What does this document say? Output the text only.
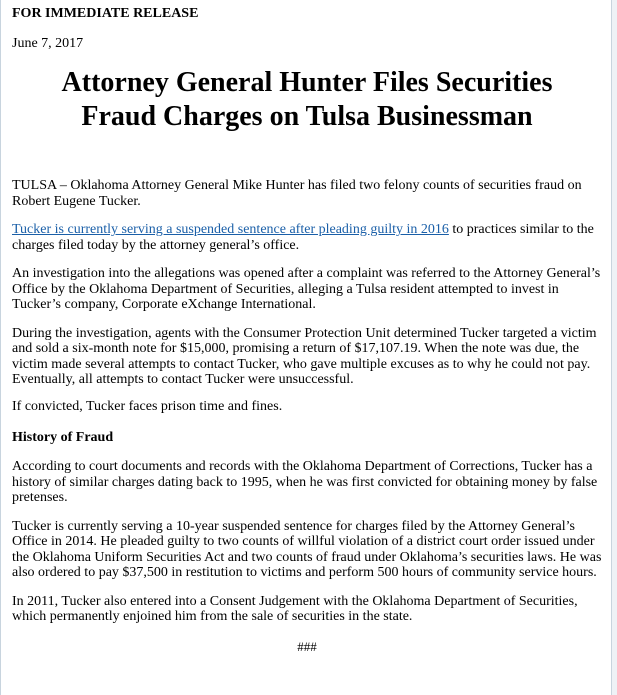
FOR IMMEDIATE RELEASE
June 7, 2017
Attorney General Hunter Files Securities
Fraud Charges on Tulsa Businessman

TULSA – Oklahoma Attorney General Mike Hunter has filed two felony counts of securities fraud on Robert Eugene Tucker.

Tucker is currently serving a suspended sentence after pleading guilty in 2016 to practices similar to the charges filed today by the attorney general’s office.

An investigation into the allegations was opened after a complaint was referred to the Attorney General’s Office by the Oklahoma Department of Securities, alleging a Tulsa resident attempted to invest in Tucker’s company, Corporate eXchange International.

During the investigation, agents with the Consumer Protection Unit determined Tucker targeted a victim and sold a six-month note for $15,000, promising a return of $17,107.19. When the note was due, the victim made several attempts to contact Tucker, who gave multiple excuses as to why he could not pay. Eventually, all attempts to contact Tucker were unsuccessful.

If convicted, Tucker faces prison time and fines.

History of Fraud

According to court documents and records with the Oklahoma Department of Corrections, Tucker has a history of similar charges dating back to 1995, when he was first convicted for obtaining money by false pretenses.

Tucker is currently serving a 10-year suspended sentence for charges filed by the Attorney General’s Office in 2014. He pleaded guilty to two counts of willful violation of a district court order issued under the Oklahoma Uniform Securities Act and two counts of fraud under Oklahoma’s securities laws. He was also ordered to pay $37,500 in restitution to victims and perform 500 hours of community service hours.

In 2011, Tucker also entered into a Consent Judgement with the Oklahoma Department of Securities, which permanently enjoined him from the sale of securities in the state.

###
